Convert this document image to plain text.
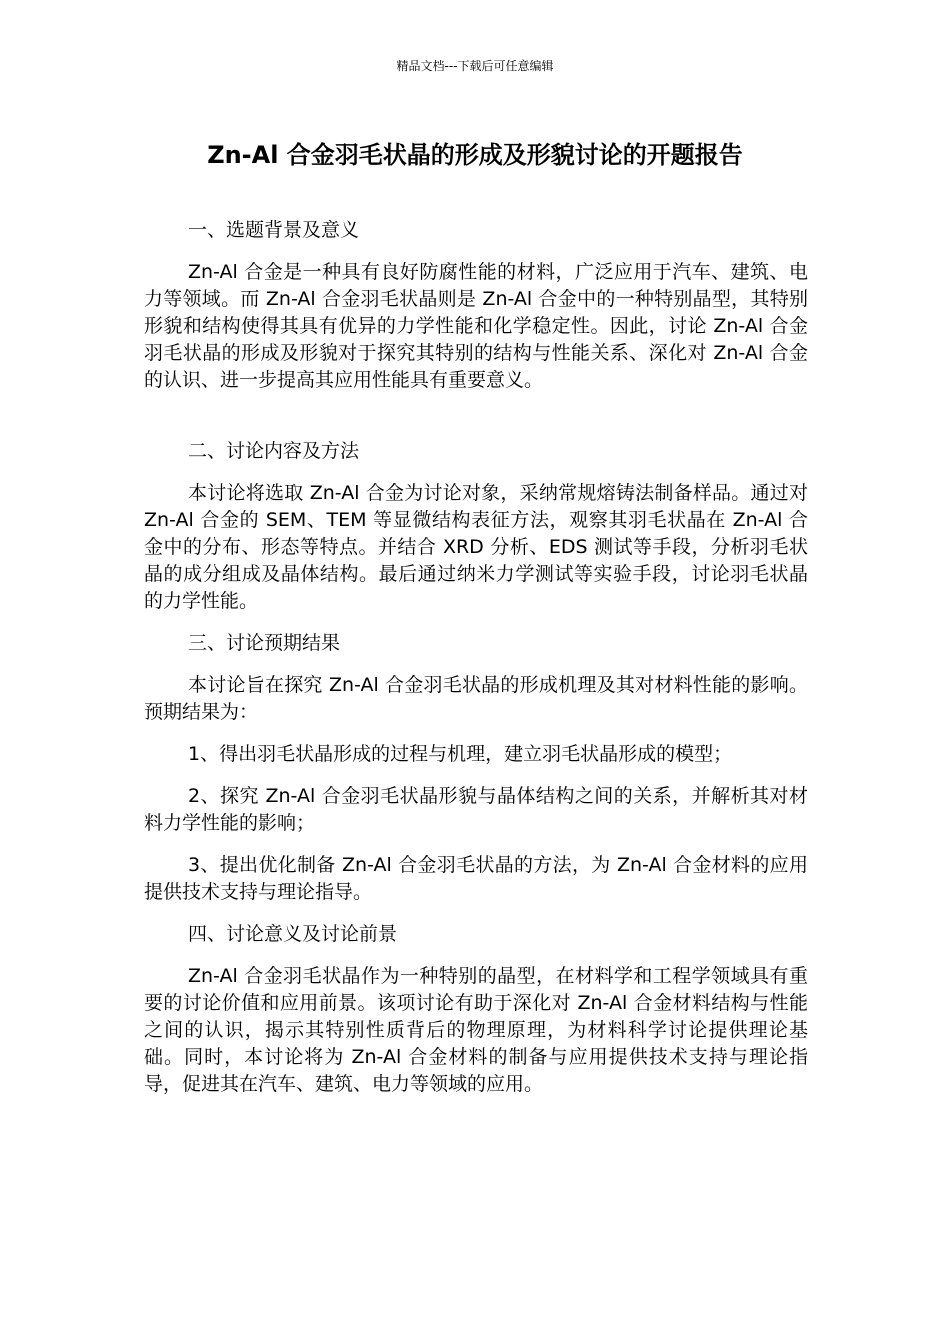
精品文档---下载后可任意编辑
Zn-Al 合金羽毛状晶的形成及形貌讨论的开题报告

一、选题背景及意义

Zn-Al 合金是一种具有良好防腐性能的材料，广泛应用于汽车、建筑、电力等领域。而 Zn-Al 合金羽毛状晶则是 Zn-Al 合金中的一种特别晶型，其特别形貌和结构使得其具有优异的力学性能和化学稳定性。因此，讨论 Zn-Al 合金羽毛状晶的形成及形貌对于探究其特别的结构与性能关系、深化对 Zn-Al 合金的认识、进一步提高其应用性能具有重要意义。

二、讨论内容及方法

本讨论将选取 Zn-Al 合金为讨论对象，采纳常规熔铸法制备样品。通过对 Zn-Al 合金的 SEM、TEM 等显微结构表征方法，观察其羽毛状晶在 Zn-Al 合金中的分布、形态等特点。并结合 XRD 分析、EDS 测试等手段，分析羽毛状晶的成分组成及晶体结构。最后通过纳米力学测试等实验手段，讨论羽毛状晶的力学性能。

三、讨论预期结果

本讨论旨在探究 Zn-Al 合金羽毛状晶的形成机理及其对材料性能的影响。预期结果为：

1、得出羽毛状晶形成的过程与机理，建立羽毛状晶形成的模型；

2、探究 Zn-Al 合金羽毛状晶形貌与晶体结构之间的关系，并解析其对材料力学性能的影响；

3、提出优化制备 Zn-Al 合金羽毛状晶的方法，为 Zn-Al 合金材料的应用提供技术支持与理论指导。

四、讨论意义及讨论前景

Zn-Al 合金羽毛状晶作为一种特别的晶型，在材料学和工程学领域具有重要的讨论价值和应用前景。该项讨论有助于深化对 Zn-Al 合金材料结构与性能之间的认识，揭示其特别性质背后的物理原理，为材料科学讨论提供理论基础。同时，本讨论将为 Zn-Al 合金材料的制备与应用提供技术支持与理论指导，促进其在汽车、建筑、电力等领域的应用。
